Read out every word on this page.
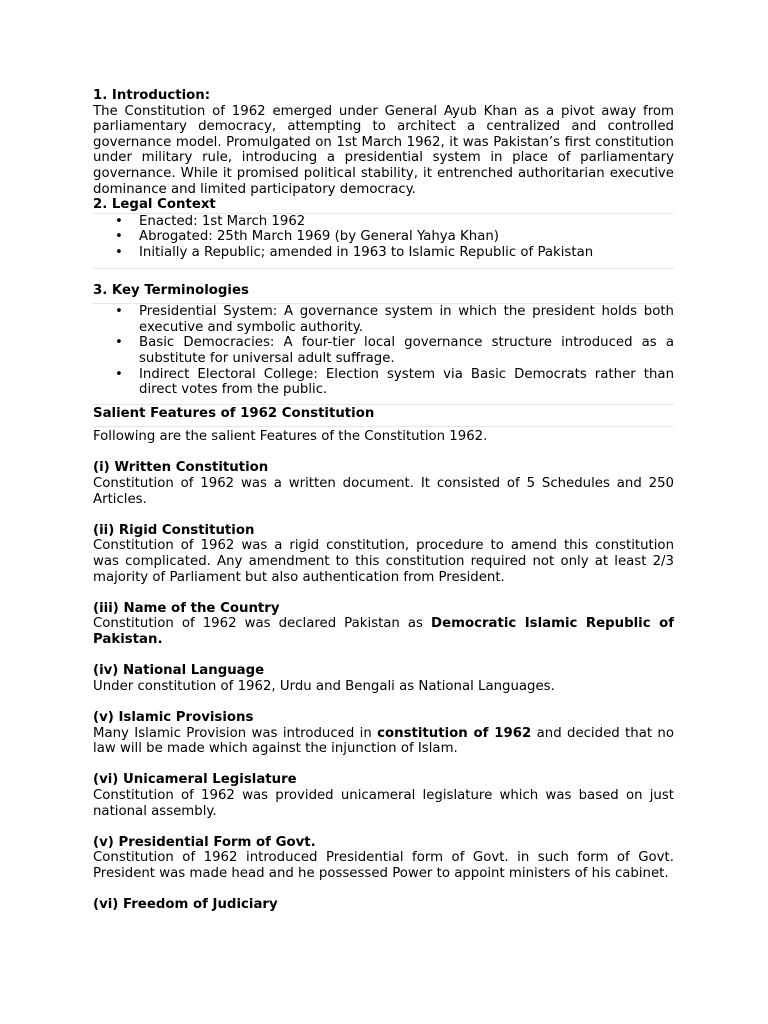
1. Introduction:

The Constitution of 1962 emerged under General Ayub Khan as a pivot away from parliamentary democracy, attempting to architect a centralized and controlled governance model. Promulgated on 1st March 1962, it was Pakistan’s first constitution under military rule, introducing a presidential system in place of parliamentary governance. While it promised political stability, it entrenched authoritarian executive dominance and limited participatory democracy.

2. Legal Context

• Enacted: 1st March 1962
• Abrogated: 25th March 1969 (by General Yahya Khan)
• Initially a Republic; amended in 1963 to Islamic Republic of Pakistan

3. Key Terminologies

• Presidential System: A governance system in which the president holds both executive and symbolic authority.
• Basic Democracies: A four-tier local governance structure introduced as a substitute for universal adult suffrage.
• Indirect Electoral College: Election system via Basic Democrats rather than direct votes from the public.

Salient Features of 1962 Constitution

Following are the salient Features of the Constitution 1962.

(i) Written Constitution

Constitution of 1962 was a written document. It consisted of 5 Schedules and 250 Articles.

(ii) Rigid Constitution

Constitution of 1962 was a rigid constitution, procedure to amend this constitution was complicated. Any amendment to this constitution required not only at least 2/3 majority of Parliament but also authentication from President.

(iii) Name of the Country

Constitution of 1962 was declared Pakistan as Democratic Islamic Republic of Pakistan.

(iv) National Language

Under constitution of 1962, Urdu and Bengali as National Languages.

(v) Islamic Provisions

Many Islamic Provision was introduced in constitution of 1962 and decided that no law will be made which against the injunction of Islam.

(vi) Unicameral Legislature

Constitution of 1962 was provided unicameral legislature which was based on just national assembly.

(v) Presidential Form of Govt.

Constitution of 1962 introduced Presidential form of Govt. in such form of Govt. President was made head and he possessed Power to appoint ministers of his cabinet.

(vi) Freedom of Judiciary
